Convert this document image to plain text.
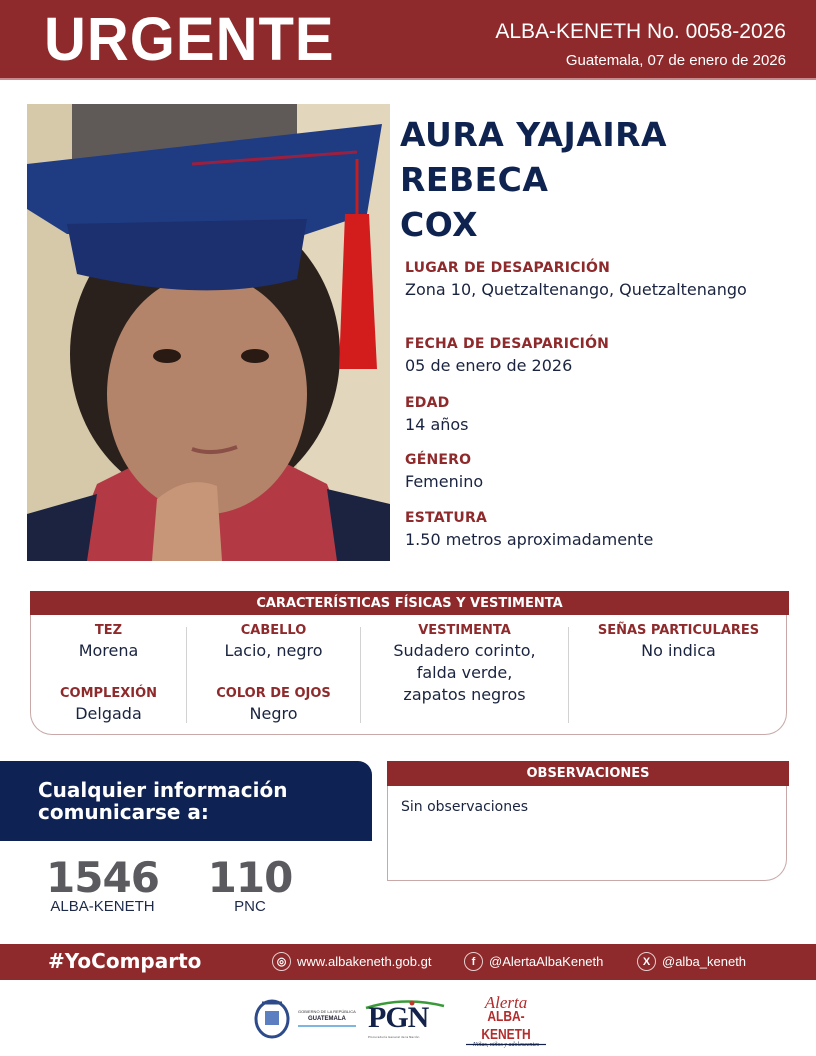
URGENTE	ALBA-KENETH No. 0058-2026
Guatemala, 07 de enero de 2026
AURA YAJAIRA
REBECA
COX
LUGAR DE DESAPARICIÓN
Zona 10, Quetzaltenango, Quetzaltenango
FECHA DE DESAPARICIÓN
05 de enero de 2026
EDAD
14 años
GÉNERO
Femenino
ESTATURA
1.50 metros aproximadamente
CARACTERÍSTICAS FÍSICAS Y VESTIMENTA
TEZ
Morena
COMPLEXIÓN
Delgada
CABELLO
Lacio, negro
COLOR DE OJOS
Negro
VESTIMENTA
Sudadero corinto,
falda verde,
zapatos negros
SEÑAS PARTICULARES
No indica
Cualquier información
comunicarse a:
1546
ALBA-KENETH
110
PNC
OBSERVACIONES
Sin observaciones
#YoComparto	◎ www.albakeneth.gob.gt	f	@AlertaAlbaKeneth	X @alba_keneth
GOBIERNO DE LA REPÚBLICA
GUATEMALA PGN
Procuraduría General de la Nación
Alerta
ALBA-KENETH
Niñas, niños y adolescentes
